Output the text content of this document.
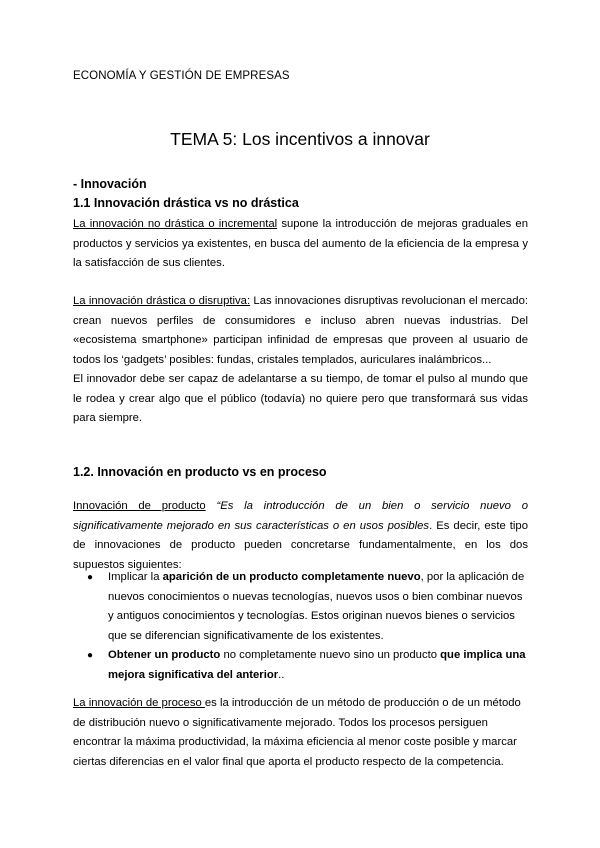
ECONOMÍA Y GESTIÓN DE EMPRESAS
TEMA 5: Los incentivos a innovar
- Innovación
1.1 Innovación drástica vs no drástica
La innovación no drástica o incremental supone la introducción de mejoras graduales en productos y servicios ya existentes, en busca del aumento de la eficiencia de la empresa y la satisfacción de sus clientes.
La innovación drástica o disruptiva: Las innovaciones disruptivas revolucionan el mercado: crean nuevos perfiles de consumidores e incluso abren nuevas industrias. Del «ecosistema smartphone» participan infinidad de empresas que proveen al usuario de todos los ‘gadgets’ posibles: fundas, cristales templados, auriculares inalámbricos...
El innovador debe ser capaz de adelantarse a su tiempo, de tomar el pulso al mundo que le rodea y crear algo que el público (todavía) no quiere pero que transformará sus vidas para siempre.
1.2. Innovación en producto vs en proceso
Innovación de producto “Es la introducción de un bien o servicio nuevo o significativamente mejorado en sus características o en usos posibles. Es decir, este tipo de innovaciones de producto pueden concretarse fundamentalmente, en los dos supuestos siguientes:
● Implicar la aparición de un producto completamente nuevo, por la aplicación de nuevos conocimientos o nuevas tecnologías, nuevos usos o bien combinar nuevos y antiguos conocimientos y tecnologías. Estos originan nuevos bienes o servicios que se diferencian significativamente de los existentes.
● Obtener un producto no completamente nuevo sino un producto que implica una mejora significativa del anterior..
La innovación de proceso es la introducción de un método de producción o de un método de distribución nuevo o significativamente mejorado. Todos los procesos persiguen encontrar la máxima productividad, la máxima eficiencia al menor coste posible y marcar ciertas diferencias en el valor final que aporta el producto respecto de la competencia.
